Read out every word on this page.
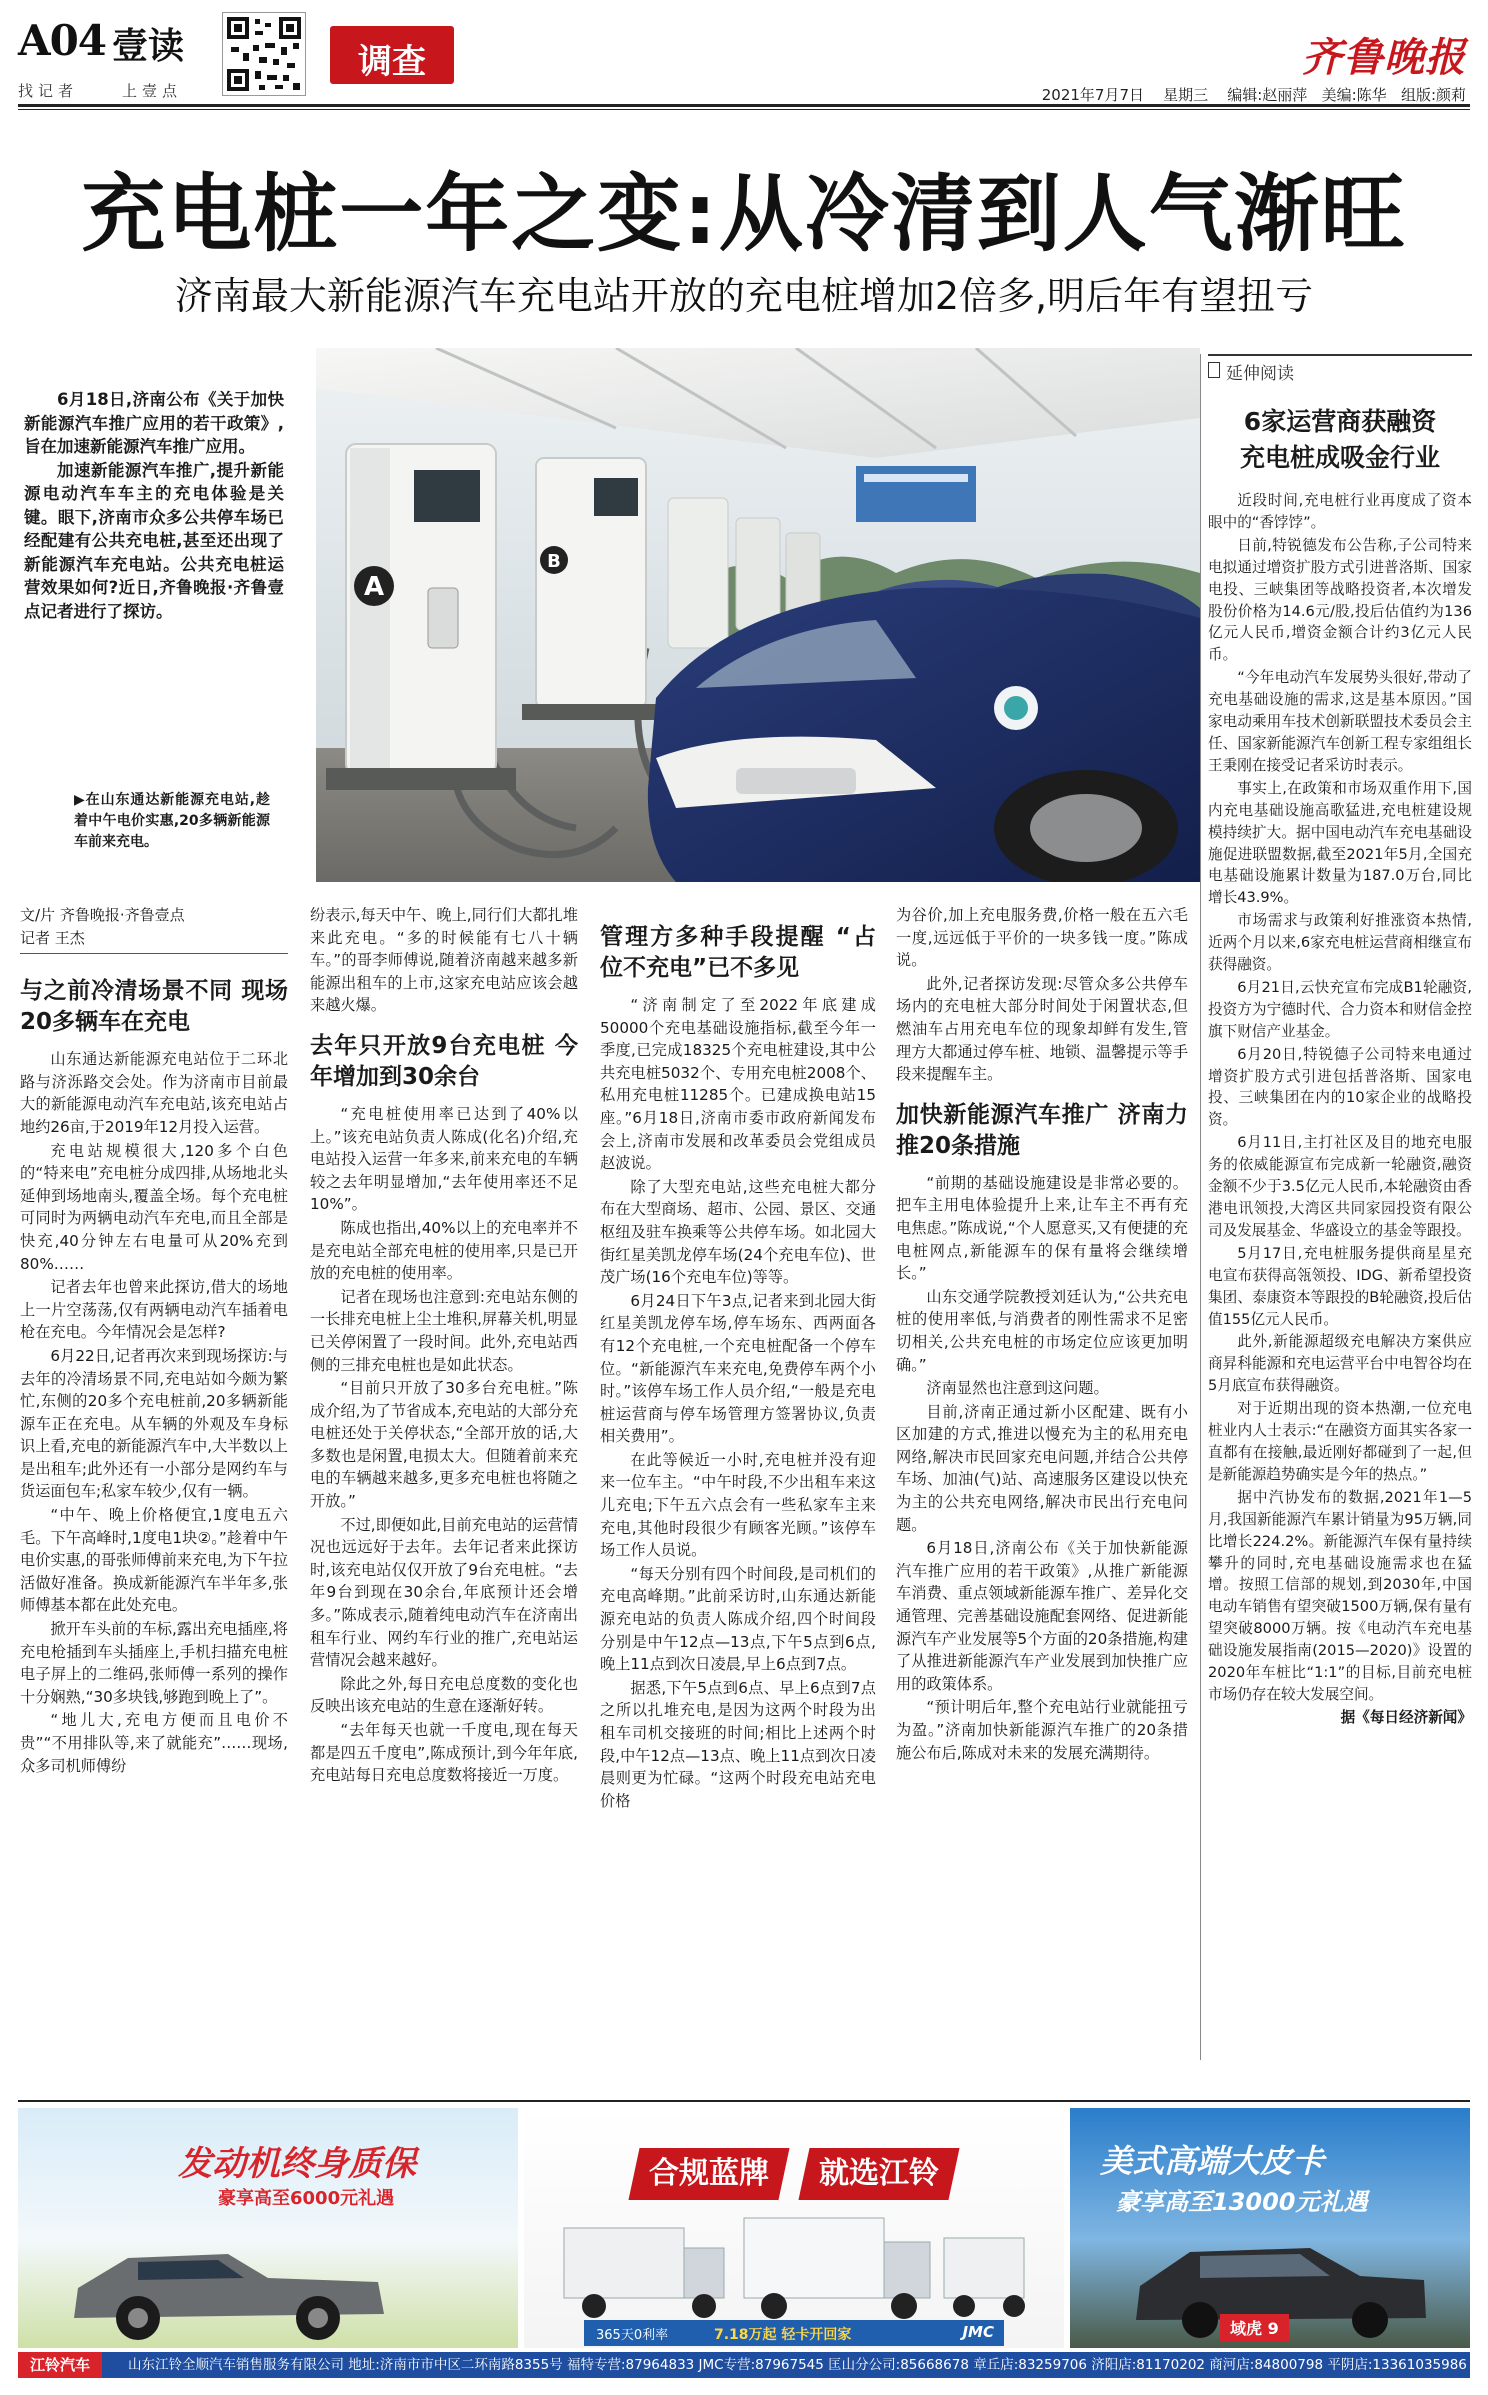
A04 壹读
找记者	上壹点
调查	齐鲁晚报
2021年7月7日 星期三 编辑:赵丽萍 美编:陈华 组版:颜莉
充电桩一年之变:从冷清到人气渐旺
济南最大新能源汽车充电站开放的充电桩增加2倍多,明后年有望扭亏

6月18日,济南公布《关于加快新能源汽车推广应用的若干政策》,旨在加速新能源汽车推广应用。

加速新能源汽车推广,提升新能源电动汽车车主的充电体验是关键。眼下,济南市众多公共停车场已经配建有公共充电桩,甚至还出现了新能源汽车充电站。公共充电桩运营效果如何?近日,齐鲁晚报·齐鲁壹点记者进行了探访。

▶在山东通达新能源充电站,趁着中午电价实惠,20多辆新能源车前来充电。
A
B
延伸阅读
6家运营商获融资
充电桩成吸金行业

近段时间,充电桩行业再度成了资本眼中的“香饽饽”。

日前,特锐德发布公告称,子公司特来电拟通过增资扩股方式引进普洛斯、国家电投、三峡集团等战略投资者,本次增发股份价格为14.6元/股,投后估值约为136亿元人民币,增资金额合计约3亿元人民币。

“今年电动汽车发展势头很好,带动了充电基础设施的需求,这是基本原因。”国家电动乘用车技术创新联盟技术委员会主任、国家新能源汽车创新工程专家组组长王秉刚在接受记者采访时表示。

事实上,在政策和市场双重作用下,国内充电基础设施高歌猛进,充电桩建设规模持续扩大。据中国电动汽车充电基础设施促进联盟数据,截至2021年5月,全国充电基础设施累计数量为187.0万台,同比增长43.9%。

市场需求与政策利好推涨资本热情,近两个月以来,6家充电桩运营商相继宣布获得融资。

6月21日,云快充宣布完成B1轮融资,投资方为宁德时代、合力资本和财信金控旗下财信产业基金。

6月20日,特锐德子公司特来电通过增资扩股方式引进包括普洛斯、国家电投、三峡集团在内的10家企业的战略投资。

6月11日,主打社区及目的地充电服务的依威能源宣布完成新一轮融资,融资金额不少于3.5亿元人民币,本轮融资由香港电讯领投,大湾区共同家园投资有限公司及发展基金、华盛设立的基金等跟投。

5月17日,充电桩服务提供商星星充电宣布获得高瓴领投、IDG、新希望投资集团、泰康资本等跟投的B轮融资,投后估值155亿元人民币。

此外,新能源超级充电解决方案供应商昇科能源和充电运营平台中电智谷均在5月底宣布获得融资。

对于近期出现的资本热潮,一位充电桩业内人士表示:“在融资方面其实各家一直都有在接触,最近刚好都碰到了一起,但是新能源趋势确实是今年的热点。”

据中汽协发布的数据,2021年1—5月,我国新能源汽车累计销量为95万辆,同比增长224.2%。新能源汽车保有量持续攀升的同时,充电基础设施需求也在猛增。按照工信部的规划,到2030年,中国电动车销售有望突破1500万辆,保有量有望突破8000万辆。按《电动汽车充电基础设施发展指南(2015—2020)》设置的2020年车桩比“1:1”的目标,目前充电桩市场仍存在较大发展空间。

据《每日经济新闻》

文/片 齐鲁晚报·齐鲁壹点

记者 王杰

与之前冷清场景不同 现场20多辆车在充电

山东通达新能源充电站位于二环北路与济泺路交会处。作为济南市目前最大的新能源电动汽车充电站,该充电站占地约26亩,于2019年12月投入运营。

充电站规模很大,120多个白色的“特来电”充电桩分成四排,从场地北头延伸到场地南头,覆盖全场。每个充电桩可同时为两辆电动汽车充电,而且全部是快充,40分钟左右电量可从20%充到80%……

记者去年也曾来此探访,借大的场地上一片空荡荡,仅有两辆电动汽车插着电枪在充电。今年情况会是怎样?

6月22日,记者再次来到现场探访:与去年的冷清场景不同,充电站如今颇为繁忙,东侧的20多个充电桩前,20多辆新能源车正在充电。从车辆的外观及车身标识上看,充电的新能源汽车中,大半数以上是出租车;此外还有一小部分是网约车与货运面包车;私家车较少,仅有一辆。

“中午、晚上价格便宜,1度电五六毛。下午高峰时,1度电1块②。”趁着中午电价实惠,的哥张师傅前来充电,为下午拉活做好准备。换成新能源汽车半年多,张师傅基本都在此处充电。

掀开车头前的车标,露出充电插座,将充电枪插到车头插座上,手机扫描充电桩电子屏上的二维码,张师傅一系列的操作十分娴熟,“30多块钱,够跑到晚上了”。

“地儿大,充电方便而且电价不贵”“不用排队等,来了就能充”……现场,众多司机师傅纷

纷表示,每天中午、晚上,同行们大都扎堆来此充电。“多的时候能有七八十辆车。”的哥李师傅说,随着济南越来越多新能源出租车的上市,这家充电站应该会越来越火爆。

去年只开放9台充电桩 今年增加到30余台

“充电桩使用率已达到了40%以上。”该充电站负责人陈成(化名)介绍,充电站投入运营一年多来,前来充电的车辆较之去年明显增加,“去年使用率还不足10%”。

陈成也指出,40%以上的充电率并不是充电站全部充电桩的使用率,只是已开放的充电桩的使用率。

记者在现场也注意到:充电站东侧的一长排充电桩上尘土堆积,屏幕关机,明显已关停闲置了一段时间。此外,充电站西侧的三排充电桩也是如此状态。

“目前只开放了30多台充电桩。”陈成介绍,为了节省成本,充电站的大部分充电桩还处于关停状态,“全部开放的话,大多数也是闲置,电损太大。但随着前来充电的车辆越来越多,更多充电桩也将随之开放。”

不过,即便如此,目前充电站的运营情况也远远好于去年。去年记者来此探访时,该充电站仅仅开放了9台充电桩。“去年9台到现在30余台,年底预计还会增多。”陈成表示,随着纯电动汽车在济南出租车行业、网约车行业的推广,充电站运营情况会越来越好。

除此之外,每日充电总度数的变化也反映出该充电站的生意在逐渐好转。

“去年每天也就一千度电,现在每天都是四五千度电”,陈成预计,到今年年底,充电站每日充电总度数将接近一万度。

管理方多种手段提醒 “占位不充电”已不多见

“济南制定了至2022年底建成50000个充电基础设施指标,截至今年一季度,已完成18325个充电桩建设,其中公共充电桩5032个、专用充电桩2008个、私用充电桩11285个。已建成换电站15座。”6月18日,济南市委市政府新闻发布会上,济南市发展和改革委员会党组成员赵波说。

除了大型充电站,这些充电桩大都分布在大型商场、超市、公园、景区、交通枢纽及驻车换乘等公共停车场。如北园大街红星美凯龙停车场(24个充电车位)、世茂广场(16个充电车位)等等。

6月24日下午3点,记者来到北园大街红星美凯龙停车场,停车场东、西两面各有12个充电桩,一个充电桩配备一个停车位。“新能源汽车来充电,免费停车两个小时。”该停车场工作人员介绍,“一般是充电桩运营商与停车场管理方签署协议,负责相关费用”。

在此等候近一小时,充电桩并没有迎来一位车主。“中午时段,不少出租车来这儿充电;下午五六点会有一些私家车主来充电,其他时段很少有顾客光顾。”该停车场工作人员说。

“每天分别有四个时间段,是司机们的充电高峰期。”此前采访时,山东通达新能源充电站的负责人陈成介绍,四个时间段分别是中午12点—13点,下午5点到6点,晚上11点到次日凌晨,早上6点到7点。

据悉,下午5点到6点、早上6点到7点之所以扎堆充电,是因为这两个时段为出租车司机交接班的时间;相比上述两个时段,中午12点—13点、晚上11点到次日凌晨则更为忙碌。“这两个时段充电站充电价格

为谷价,加上充电服务费,价格一般在五六毛一度,远远低于平价的一块多钱一度。”陈成说。

此外,记者探访发现:尽管众多公共停车场内的充电桩大部分时间处于闲置状态,但燃油车占用充电车位的现象却鲜有发生,管理方大都通过停车桩、地锁、温馨提示等手段来提醒车主。

加快新能源汽车推广 济南力推20条措施

“前期的基础设施建设是非常必要的。把车主用电体验提升上来,让车主不再有充电焦虑。”陈成说,“个人愿意买,又有便捷的充电桩网点,新能源车的保有量将会继续增长。”

山东交通学院教授刘廷认为,“公共充电桩的使用率低,与消费者的刚性需求不足密切相关,公共充电桩的市场定位应该更加明确。”

济南显然也注意到这问题。

目前,济南正通过新小区配建、既有小区加建的方式,推进以慢充为主的私用充电网络,解决市民回家充电问题,并结合公共停车场、加油(气)站、高速服务区建设以快充为主的公共充电网络,解决市民出行充电问题。

6月18日,济南公布《关于加快新能源汽车推广应用的若干政策》,从推广新能源车消费、重点领域新能源车推广、差异化交通管理、完善基础设施配套网络、促进新能源汽车产业发展等5个方面的20条措施,构建了从推进新能源汽车产业发展到加快推广应用的政策体系。

“预计明后年,整个充电站行业就能扭亏为盈。”济南加快新能源汽车推广的20条措施公布后,陈成对未来的发展充满期待。

发动机终身质保
豪享高至6000元礼遇
合规蓝牌	就选江铃
365天0利率	7.18万起 轻卡开回家	JMC
美式高端大皮卡
豪享高至13000元礼遇
域虎 9
江铃汽车	山东江铃全顺汽车销售服务有限公司 地址:济南市市中区二环南路8355号 福特专营:87964833 JMC专营:87967545 匡山分公司:85668678 章丘店:83259706 济阳店:81170202 商河店:84800798 平阴店:13361035986
